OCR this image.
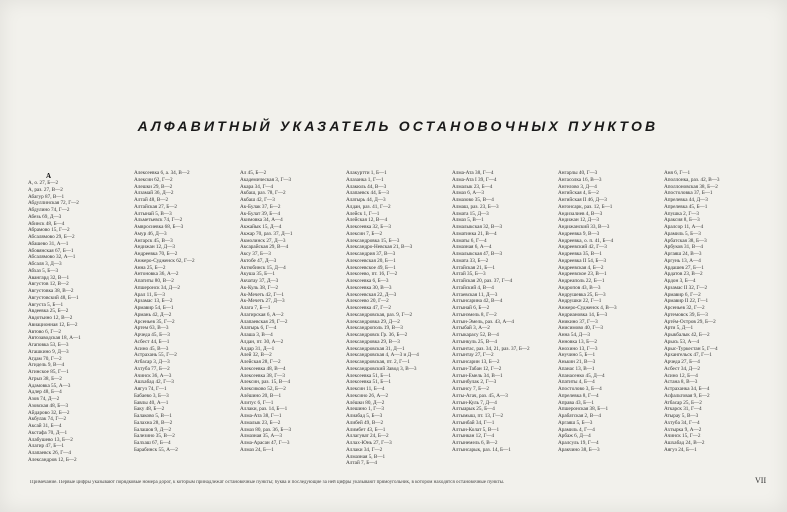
АЛФАВИТНЫЙ УКАЗАТЕЛЬ ОСТАНОВОЧНЫХ ПУНКТОВ
А
А, о. 27, Б—2
А, раз. 27, В—2
Абагур 87, В—1
Абдуллинская 72, Г—2
Абдулино 74, Г—2
Абезь 69, Д—3
Абинск 48, Б—4
Абрамово 15, Г—2
Абсалямово 29, Б—2
Абашево 31, А—1
Абовянская 67, Б—1
Абсалямово 32, А—1
Абсаля 3, Д—3
Абхаз 5, Б—3
Авангард 32, В—1
Августов 12, В—2
Августовка 38, В—2
Августовский 48, Б—1
Августа 5, Б—1
Авдеевка 25, Б—2
Авдотьино 12, В—2
Авиационная 12, Б—2
Автово 6, Г—2
Автозаводская 18, А—1
Агаповка 53, Б—3
Агашкино 9, Д—3
Агдам 70, Г—2
Агидель 9, В—4
Агинское 85, Г—1
Агрыз 38, Б—2
Адамовка 55, А—3
Адлер 48, Б—4
Азов 74, Д—2
Азовская 48, Б—3
Айдарово 32, Б—2
Акбулак 74, Г—2
Аксай 31, Б—4
Акстафа 70, Д—1
Алабушево 13, Б—2
Алагир 47, Б—1
Алапаевск 26, Г—4
Александров 12, Б—2
Алексеевка 6, а. 34, В—2
Алексин 62, Г—2
Алешки 29, В—2
Алзамай 36, Д—2
Алтай 48, В—2
Алтайская 27, Б—2
Алтынай 5, В—3
Альметьевск 74, Г—2
Амвросиевка 68, Б—3
Амур 46, Д—3
Ангарск 45, В—3
Андижан 12, Д—3
Андреевка 70, Б—2
Анжеро-Судженск 62, Г—2
Анна 25, Б—2
Антоновка 36, А—2
Апатиты 80, В—2
Апшеронск 34, Д—2
Арал 11, Б—3
Арзамас 13, Б—2
Армавир 54, Б—1
Армань 42, Д—2
Арсеньев 35, Г—2
Артем 63, В—3
Арчеда 45, Б—3
Асбест 44, Б—1
Асино 45, В—3
Астрахань 55, Г—2
Атбасар 3, Д—3
Ахтуба 77, Б—2
Ачинск 36, А—3
Ашхабад 42, Г—3
Аягуз 74, Г—1
Бабаево 3, Б—3
Бавлы 40, А—1
Баку 48, Б—2
Балаково 5, В—1
Балахна 28, В—2
Балашов 9, Д—2
Балезино 35, В—2
Балхаш 67, Б—4
Барабинск 55, А—2
Ал 45, Б—2
Академическая 3, Г—3
Акара 34, Г—4
Акбаш, раз. 78, Г—2
Акбаш 42, Г—3
Ак-Булак 37, Б—2
Ак-Булат 39, Б—4
Акимовка 34, А—4
Акжайык 15, Д—4
Акжар 70, раз. 37, Д—1
Акмолинск 27, Д—3
Аксарайская 29, В—4
Аксу 37, Б—3
Актобе 47, Д—3
Актюбинск 15, Д—4
Акуша 35, Б—1
Акчатау 37, Д—3
Ак-Куль 38, Г—2
Ак-Мечеть 42, Г—1
Ак-Мечеть 27, Д—3
Алага 7, Б—1
Алагирская 6, А—2
Алапаевская 29, Г—2
Алатырь 6, Г—4
Алаша 3, В—4
Алдан, пт. 30, А—2
Алдар 31, Д—1
Алей 32, В—2
Алейская 28, Г—2
Алексеевка 48, В—4
Алексеевка 38, Г—3
Алексин, раз. 15, В—4
Алексиково 52, Б—2
Алёшино 20, В—1
Алитус 6, Г—1
Аллаки, раз. 14, Б—1
Алма-Ата 38, Г—1
Алмалык 23, Б—2
Алмаз 80, раз. 36, Б—3
Алмазная 35, А—3
Алма-Арасан 47, Г—3
Алмаз 24, Б—1
Алакуртти 1, Б—1
Алазанка 1, Г—1
Алакюль 44, В—3
Алапаевск 44, Б—3
Алатырь 44, Д—3
Алдан, раз. 41, Г—2
Алейск 1, Г—1
Алейская 12, В—4
Алексеевка 32, Б—3
Алексин 7, Б—2
Александровка 15, Б—3
Александро-Невская 21, В—3
Александрия 37, В—3
Алексеевская 20, Б—1
Алексеевское 49, Б—1
Алексеево, пт. 16, Г—2
Алексеевка 6, Б—3
Алексеевка 30, В—3
Алексеевская 22, Д—3
Алексеево 20, Г—2
Алексеевка 47, Г—2
Александровская, раз. 9, Г—2
Александровка 29, Д—2
Александрополь 19, В—3
Александровск Гр. 36, Б—2
Александровка 29, В—3
Александровская 31, Д—1
Александровская 4, А—3 и Д—4
Александровская, пт. 2, Г—1
Александровский Завод 3, В—3
Алексеевка 51, Б—1
Алексеевка 51, Б—1
Алексин 11, Б—4
Алексино 26, А—2
Алёшки 80, Д—2
Алешино 1, Г—3
Алиабад 5, Б—3
Алибей 49, В—2
Алимбет 43, Б—1
Аллагуват 24, Б—2
Аллах-Юнь 27, Г—3
Аллаки 34, Г—2
Алмазная 5, В—1
Алтай 7, Б—4
Алма-Ата 38, Г—4
Алма-Ата I 39, Г—4
Алмалык 23, Б—4
Алмаз 6, А—3
Алмазово 35, В—4
Алмаш, раз. 23, Б—3
Алмата 15, Д—3
Алмаз 5, В—1
Алмалыкская 32, В—3
Алматинка 21, В—4
Алматы 6, Г—4
Алмазная 6, А—4
Алмалыкская 47, В—3
Алмата 33, Б—2
Алтайская 21, Б—1
Алтай 35, Б—3
Алтайская 20, раз. 37, Г—4
Алтайский 4, В—4
Алтаевская 11, Д—3
Алтынсарина 42, В—4
Алтынай 6, Б—2
Алтынэмель 8, Г—2
Алтын-Эмель, раз. 43, А—4
Алтыбай 3, А—2
Алтыкарасу 52, В—4
Алтынкуль 25, В—4
Алтынтас, раз. 34, 21, раз. 37, Б—2
Алтынтау 27, Г—2
Алтынсарин 13, Б—2
Алтын-Табан 12, Г—2
Алтын-Емель 34, В—1
Алтынбулак 2, Г—3
Алтынсу 7, Б—2
Алты-Агач, раз. 45, А—3
Алтын-Куль 7, Д—4
Алтыарык 25, Б—4
Алтымыш, пт. 13, Г—2
Алтынбай 34, Г—1
Алтын-Колат 5, В—1
Алтынкан 12, Г—4
Алтынемель 6, В—2
Алтынсарык, раз. 14, Б—1
Ангарлы 40, Г—3
Ангасолка 16, В—3
Ангелово 3, Д—4
Ангийская 4, Б—2
Ангийская II 46, Д—3
Ангонсарк, раз. 12, Б—1
Андизалиев 4, В—3
Андижан 12, Д—3
Андижанский 33, В—3
Андреевка 9, В—3
Андреевка, о. п. 41, Б—4
Андреевский 42, Г—3
Андреевка 35, В—1
Андреевка II 54, Б—3
Андреевская 4, Б—2
Андреевское 23, В—1
Андреаполь 22, Б—1
Андропов 43, В—3
Андрушевка 25, Б—3
Андрушки 22, Г—1
Анжеро-Судженск 4, В—3
Андриановка 14, Б—3
Аникино 37, Г—3
Анисимово 40, Г—3
Анна 54, Д—3
Анновка 13, Б—2
Анохино 13, Г—3
Анучино 5, Б—1
Анькин 21, В—3
Апанас 13, В—1
Апанасенко 45, Д—4
Апатиты 4, Б—4
Апостолово 3, Б—4
Апрелевка 8, Г—4
Аправа 43, Б—1
Апшеронская 38, Б—1
Арабатская 2, В—4
Аргаяш 5, Б—3
Арамиль 4, Г—4
Арбаж 6, Д—4
Аралсуль 19, Г—4
Аракчино 38, Б—3
Аня 6, Г—1
Аполлонка, раз. 42, В—3
Аполлоновская 38, Б—2
Апостоловка 37, Б—1
Апрелевка 44, Д—3
Апрелевка 45, Б—1
Апушка 2, Г—3
Араксия 8, Б—3
Аралсор 11, А—4
Арамиль 5, Б—3
Арбатская 38, Б—3
Арбуков 31, В—4
Аргаяш 24, В—3
Аргунь 13, А—4
Ардашев 27, Б—1
Ардатов 23, В—2
Ардон 3, Б—4
Арзамас II 32, Г—2
Армавир 6, Г—2
Армавир II 22, Г—1
Арсеньев 32, Г—2
Артемовск 39, Б—3
Артём-Остров 29, Б—2
Арти 5, Д—1
Арыкбалык 42, Б—2
Арысь 53, А—4
Арыс-Туркестан 5, Г—4
Архангельск 47, Г—1
Арчеда 27, Б—4
Асбест 34, Д—2
Асино 12, Б—4
Астана 8, В—3
Астраханка 34, Б—4
Асфальтовая 9, Б—2
Атбасар 25, Б—2
Аткарск 31, Г—4
Атырау 5, В—3
Ахтуба 34, Г—4
Ахтырка 9, А—2
Ачинск 15, Г—2
Ашхабад 24, В—2
Аягуз 24, Б—1
Примечание. Первые цифры указывают порядковые номера дорог, к которым принадлежат остановочные пункты; буква и последующие за ней цифры указывают прямоугольник, в котором находятся остановочные пункты.	VII
